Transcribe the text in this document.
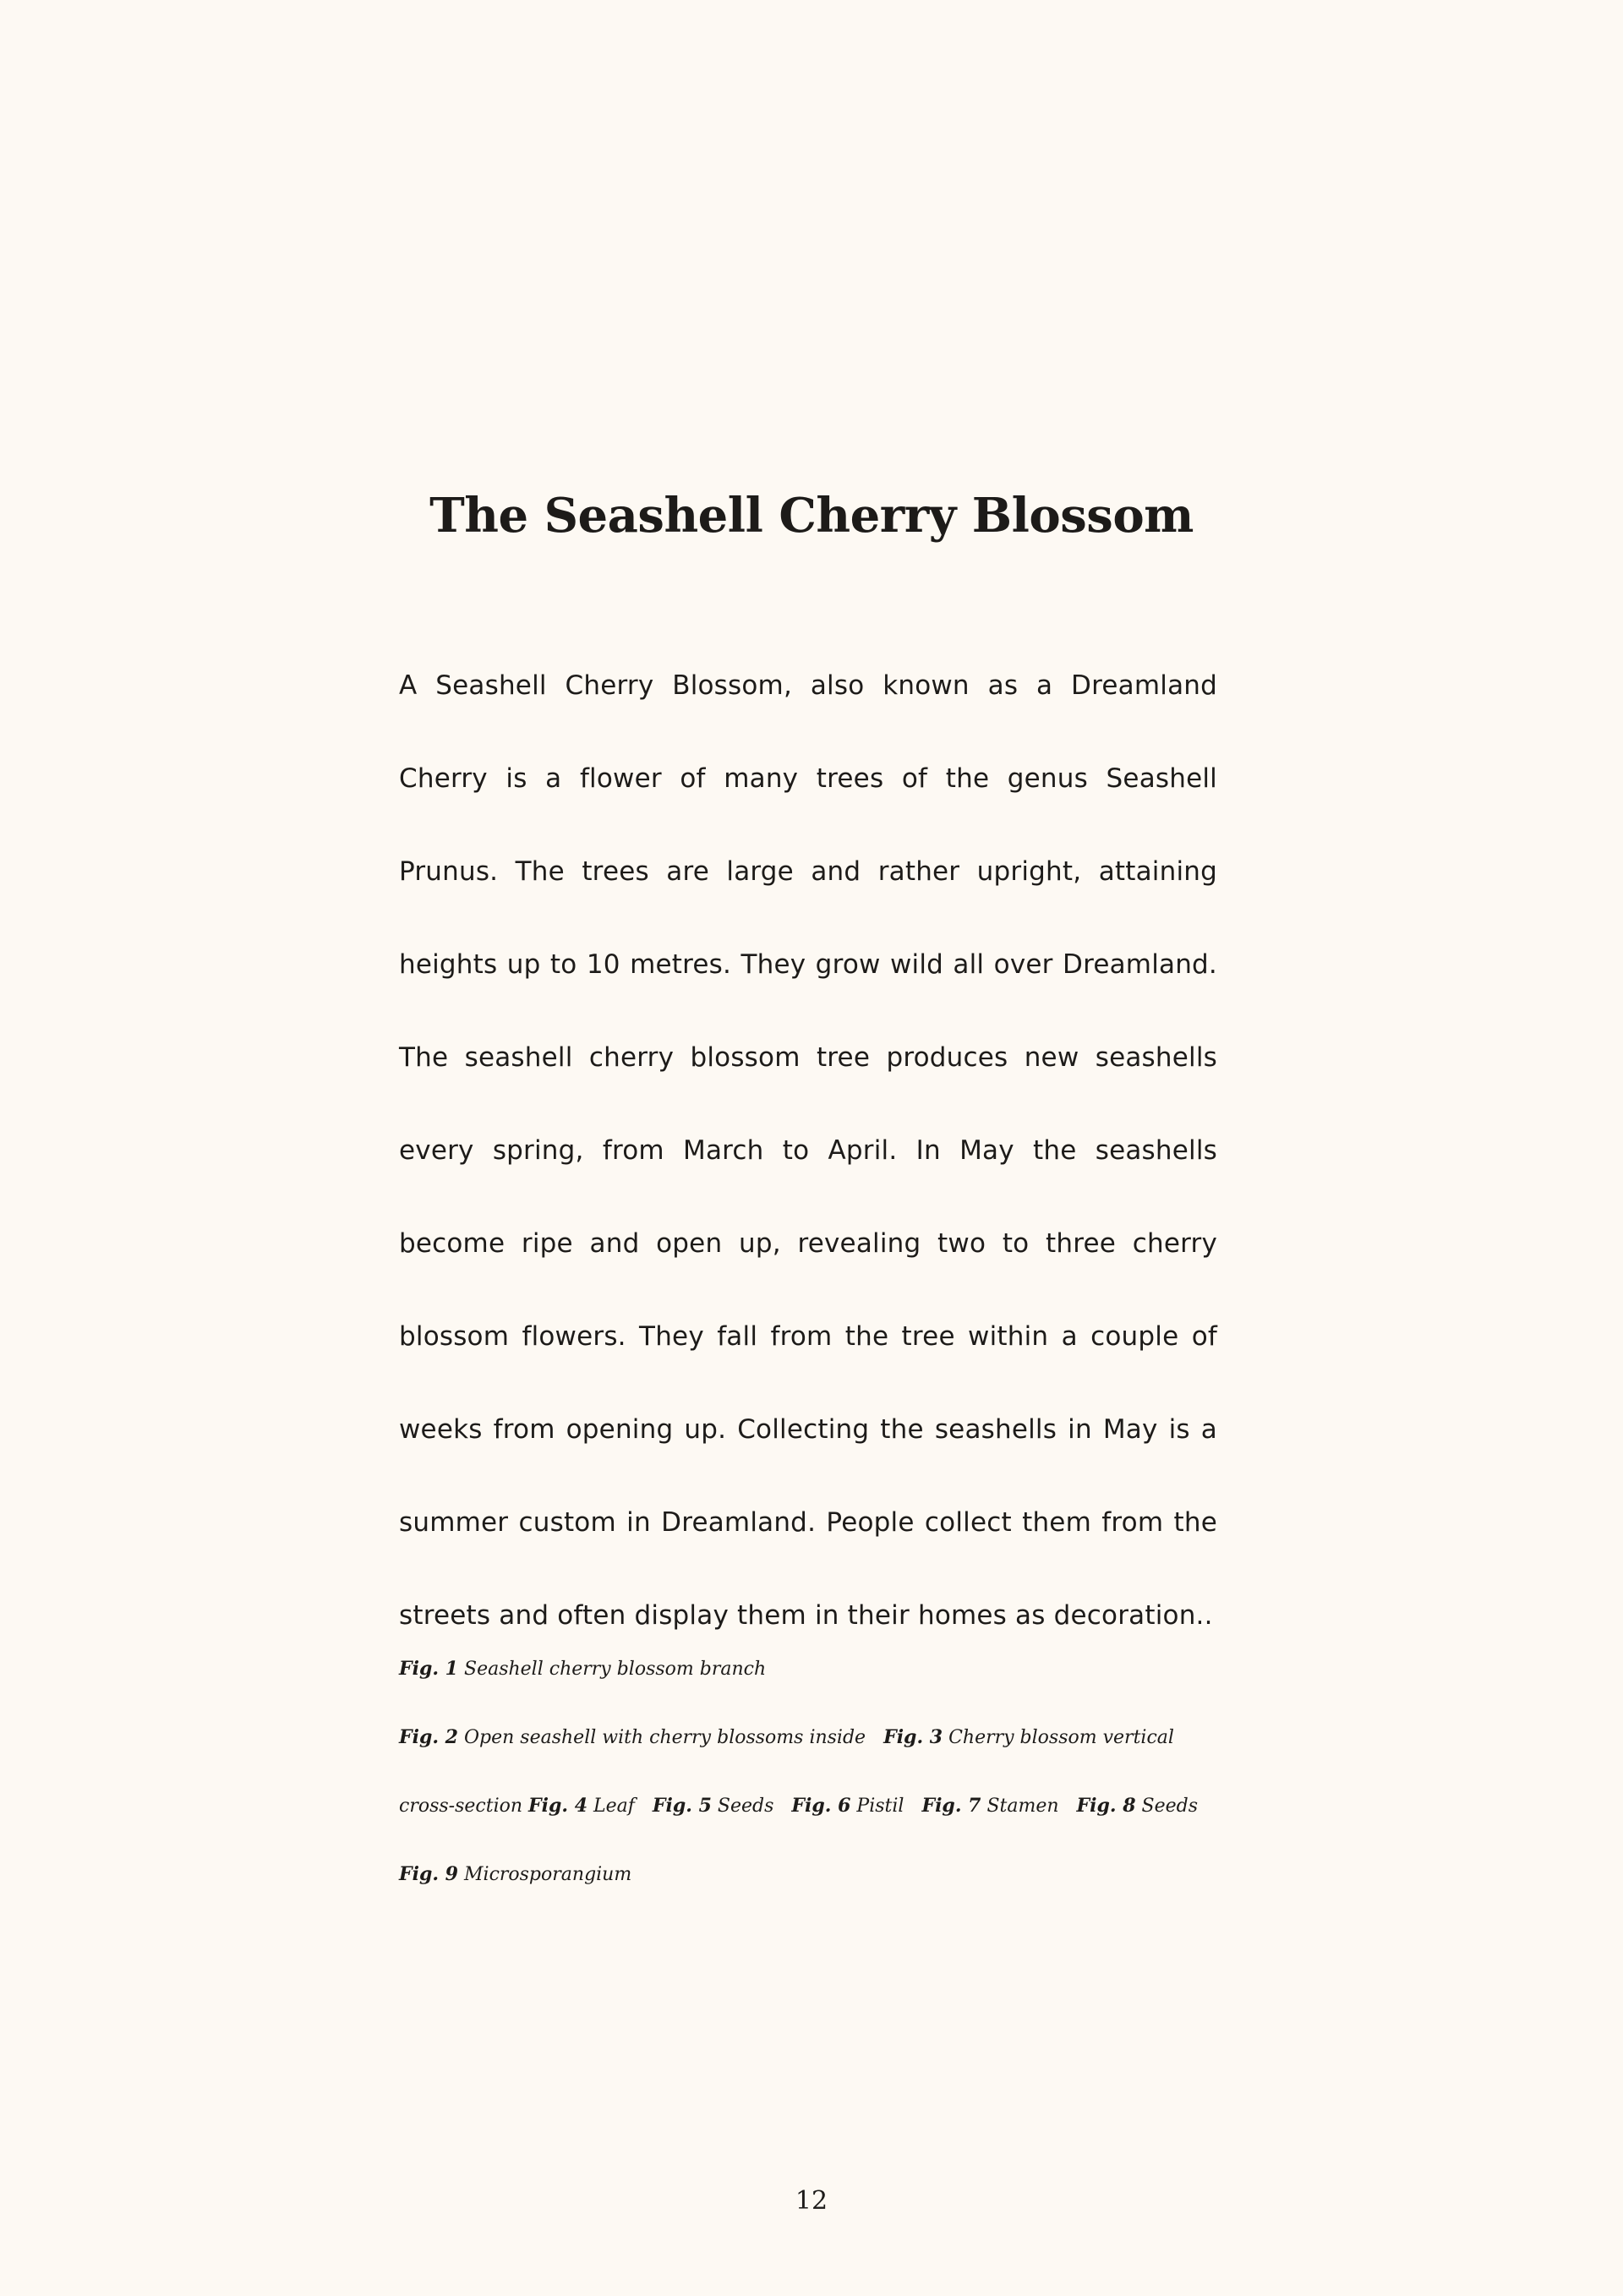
The Seashell Cherry Blossom

A Seashell Cherry Blossom, also known as a Dreamland Cherry is a flower of many trees of the genus Seashell Prunus. The trees are large and rather upright, attaining heights up to 10 metres. They grow wild all over Dreamland. The seashell cherry blossom tree produces new seashells every spring, from March to April. In May the seashells become ripe and open up, revealing two to three cherry blossom flowers. They fall from the tree within a couple of weeks from opening up. Collecting the seashells in May is a summer custom in Dreamland. People collect them from the streets and often display them in their homes as decoration..

Fig. 1 Seashell cherry blossom branch Fig. 2 Open seashell with cherry blossoms inside Fig. 3 Cherry blossom vertical cross-section Fig. 4 Leaf Fig. 5 Seeds Fig. 6 Pistil Fig. 7 Stamen Fig. 8 Seeds Fig. 9 Microsporangium

12
